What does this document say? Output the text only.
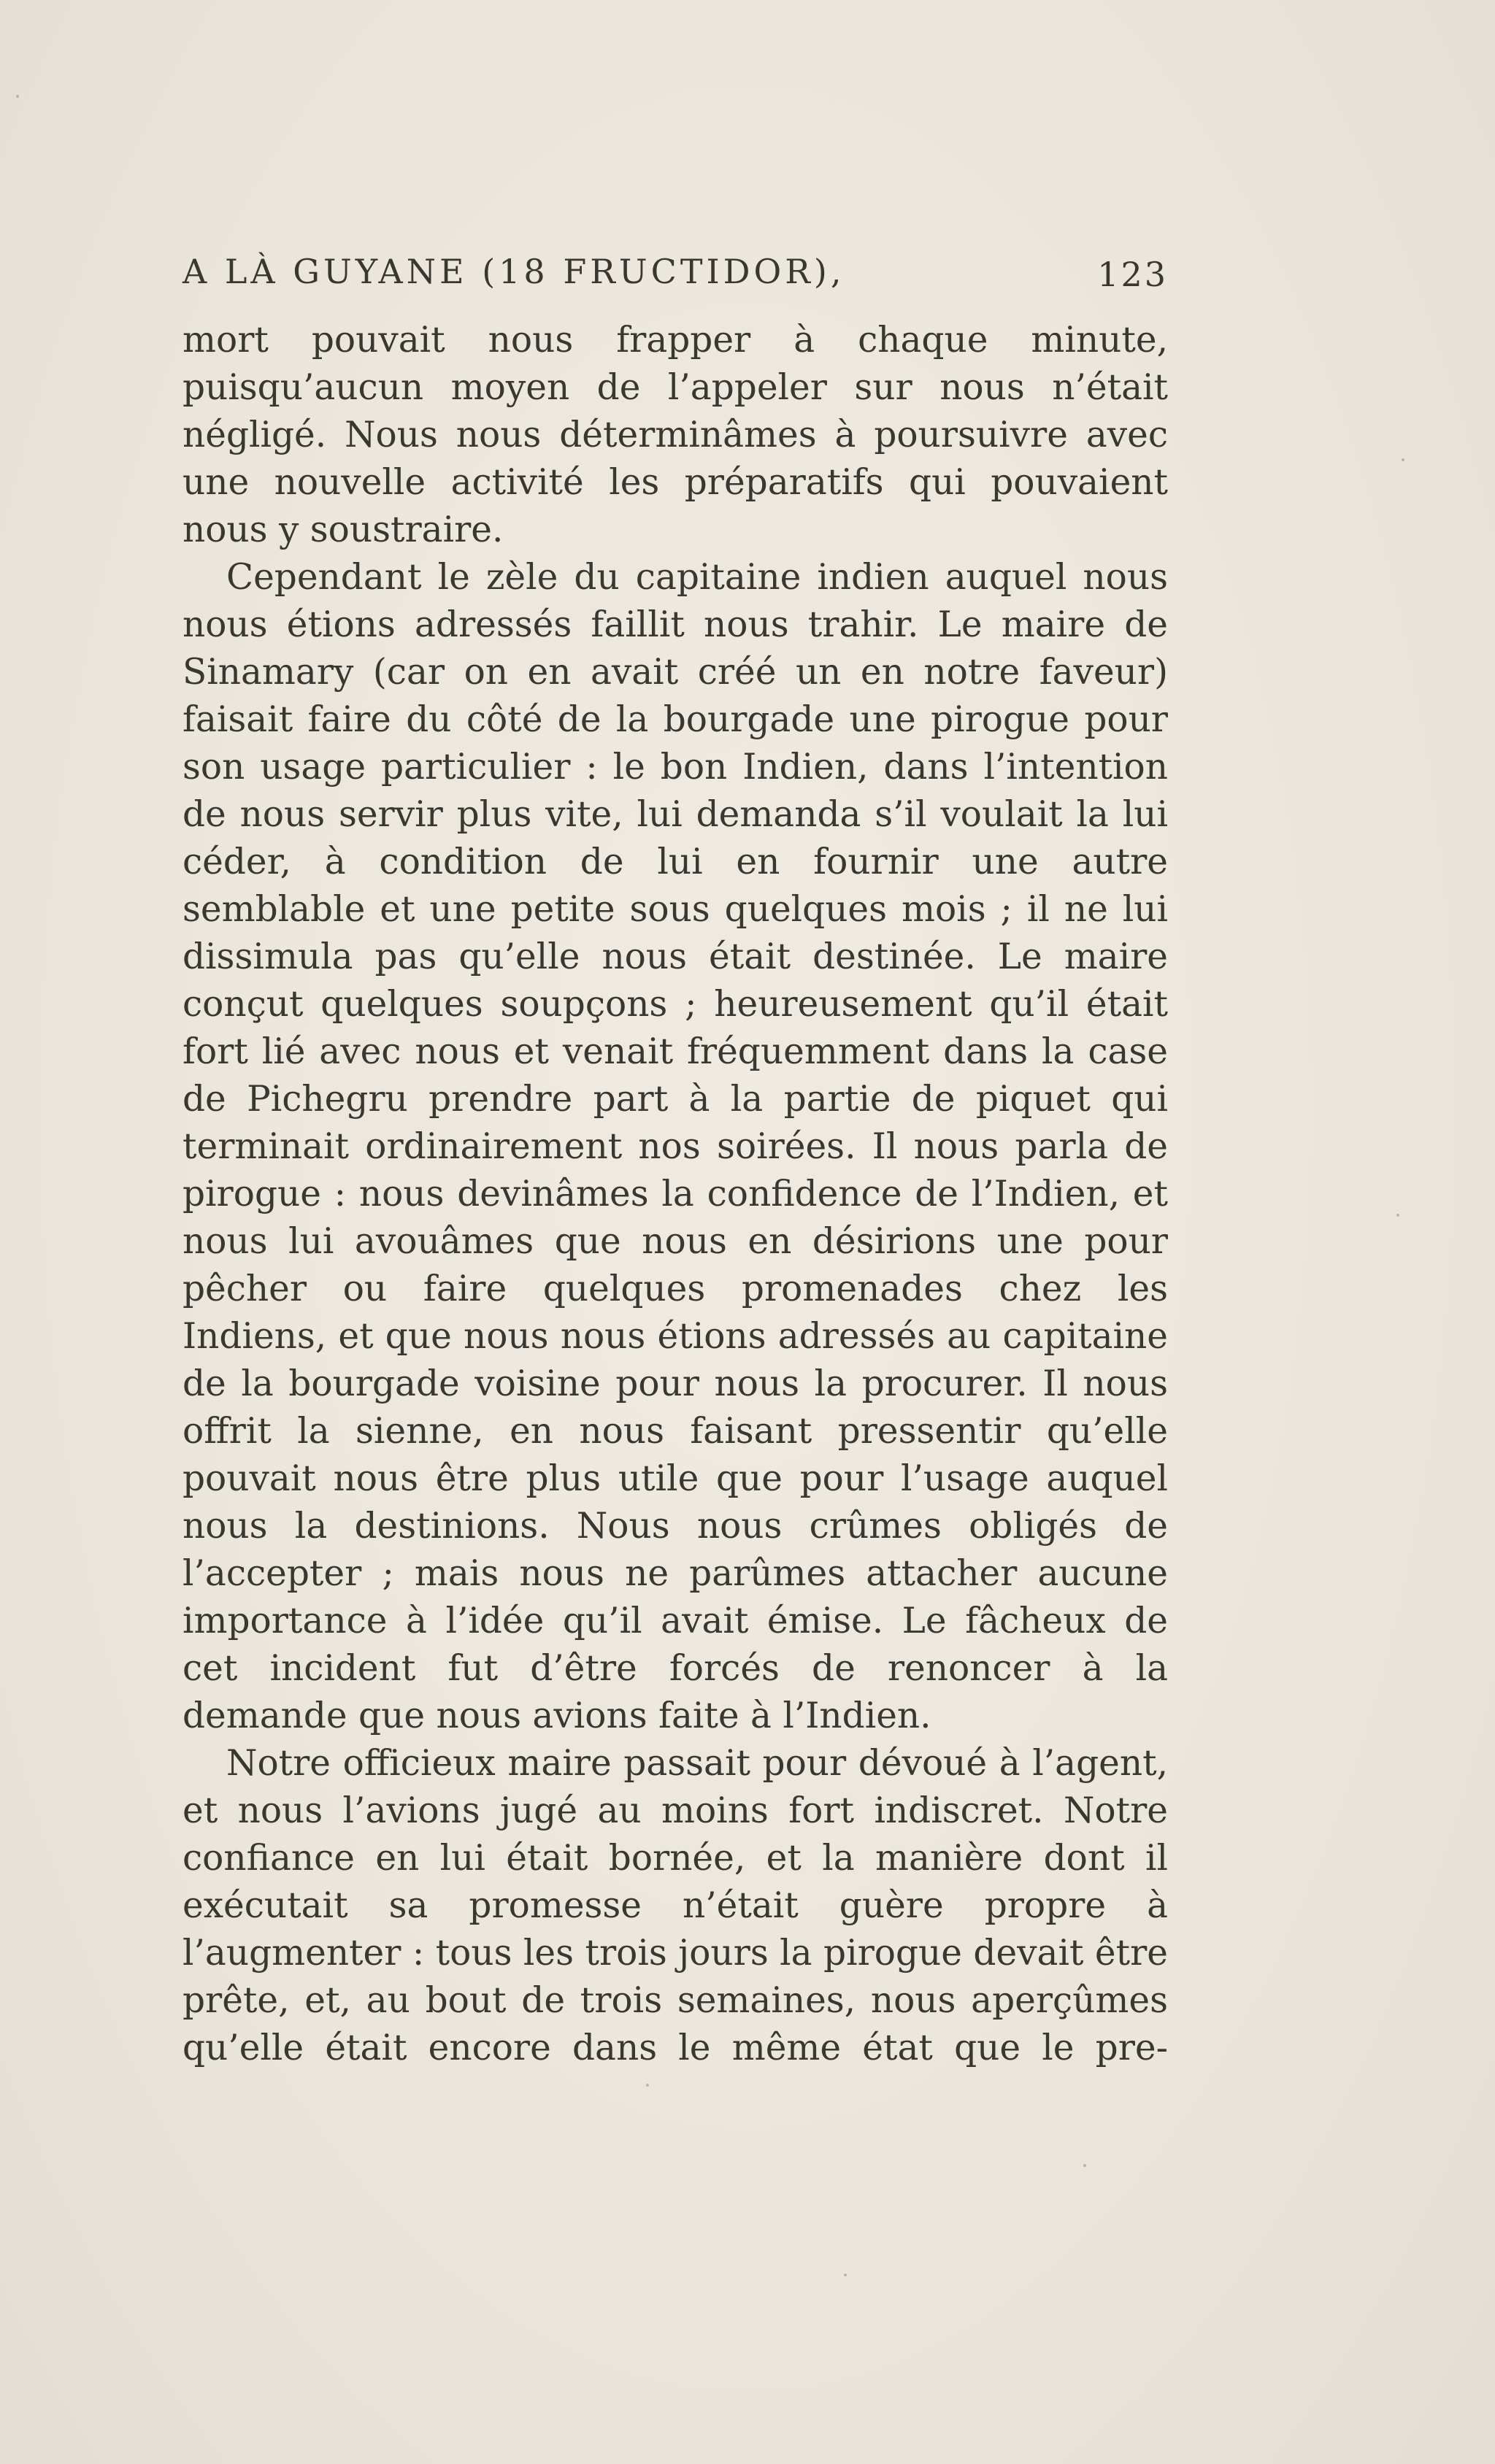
A LÀ GUYANE (18 FRUCTIDOR),	123

mort pouvait nous frapper à chaque minute, puisqu’aucun moyen de l’appeler sur nous n’était négligé. Nous nous déterminâmes à poursuivre avec une nouvelle activité les préparatifs qui pouvaient nous y soustraire.

Cependant le zèle du capitaine indien auquel nous nous étions adressés faillit nous trahir. Le maire de Sinamary (car on en avait créé un en notre faveur) faisait faire du côté de la bourgade une pirogue pour son usage particulier : le bon Indien, dans l’intention de nous servir plus vite, lui demanda s’il voulait la lui céder, à condition de lui en fournir une autre semblable et une petite sous quelques mois ; il ne lui dissimula pas qu’elle nous était destinée. Le maire conçut quelques soupçons ; heureusement qu’il était fort lié avec nous et venait fréquemment dans la case de Pichegru prendre part à la partie de piquet qui terminait ordinairement nos soirées. Il nous parla de pirogue : nous devinâmes la confidence de l’Indien, et nous lui avouâmes que nous en désirions une pour pêcher ou faire quelques promenades chez les Indiens, et que nous nous étions adressés au capitaine de la bourgade voisine pour nous la procurer. Il nous offrit la sienne, en nous faisant pressentir qu’elle pouvait nous être plus utile que pour l’usage auquel nous la destinions. Nous nous crûmes obligés de l’accepter ; mais nous ne parûmes attacher aucune importance à l’idée qu’il avait émise. Le fâcheux de cet incident fut d’être forcés de renoncer à la demande que nous avions faite à l’Indien.

Notre officieux maire passait pour dévoué à l’agent, et nous l’avions jugé au moins fort indiscret. Notre confiance en lui était bornée, et la manière dont il exécutait sa promesse n’était guère propre à l’augmenter : tous les trois jours la pirogue devait être prête, et, au bout de trois semaines, nous aperçûmes qu’elle était encore dans le même état que le pre-
